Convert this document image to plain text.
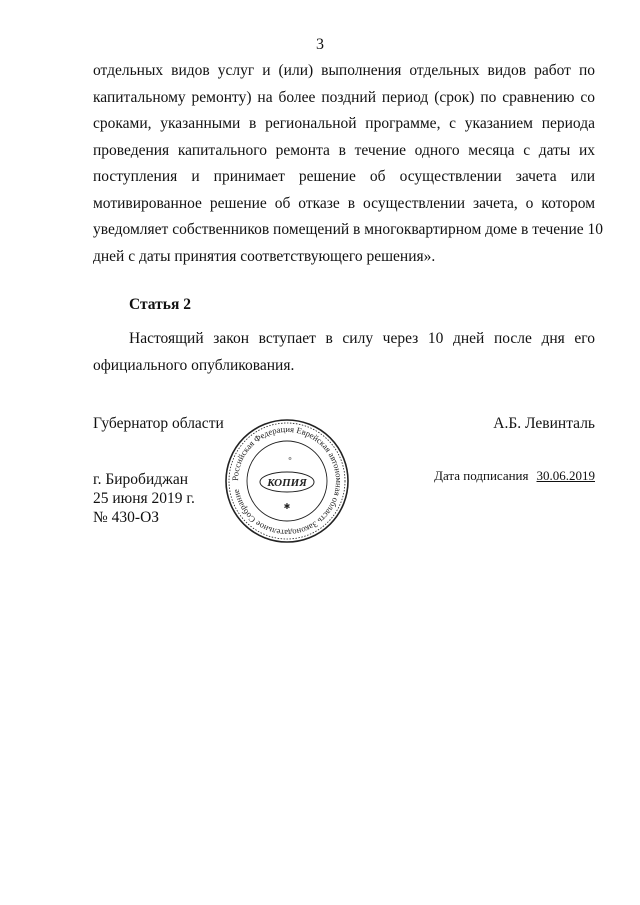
3
отдельных видов услуг и (или) выполнения отдельных видов работ по
капитальному ремонту) на более поздний период (срок) по сравнению со
сроками, указанными в региональной программе, с указанием периода
проведения капитального ремонта в течение одного месяца с даты их
поступления и принимает решение об осуществлении зачета или
мотивированное решение об отказе в осуществлении зачета, о котором
уведомляет собственников помещений в многоквартирном доме в течение 10
дней с даты принятия соответствующего решения».
Статья 2
Настоящий закон вступает в силу через 10 дней после дня его
официального опубликования.
Губернатор области	А.Б. Левинталь
г. Биробиджан
25 июня 2019 г.
№ 430-ОЗ
Дата подписания 30.06.2019
Российская Федерация Еврейская автономная область Законодательное Собрание
КОПИЯ
✱
о
